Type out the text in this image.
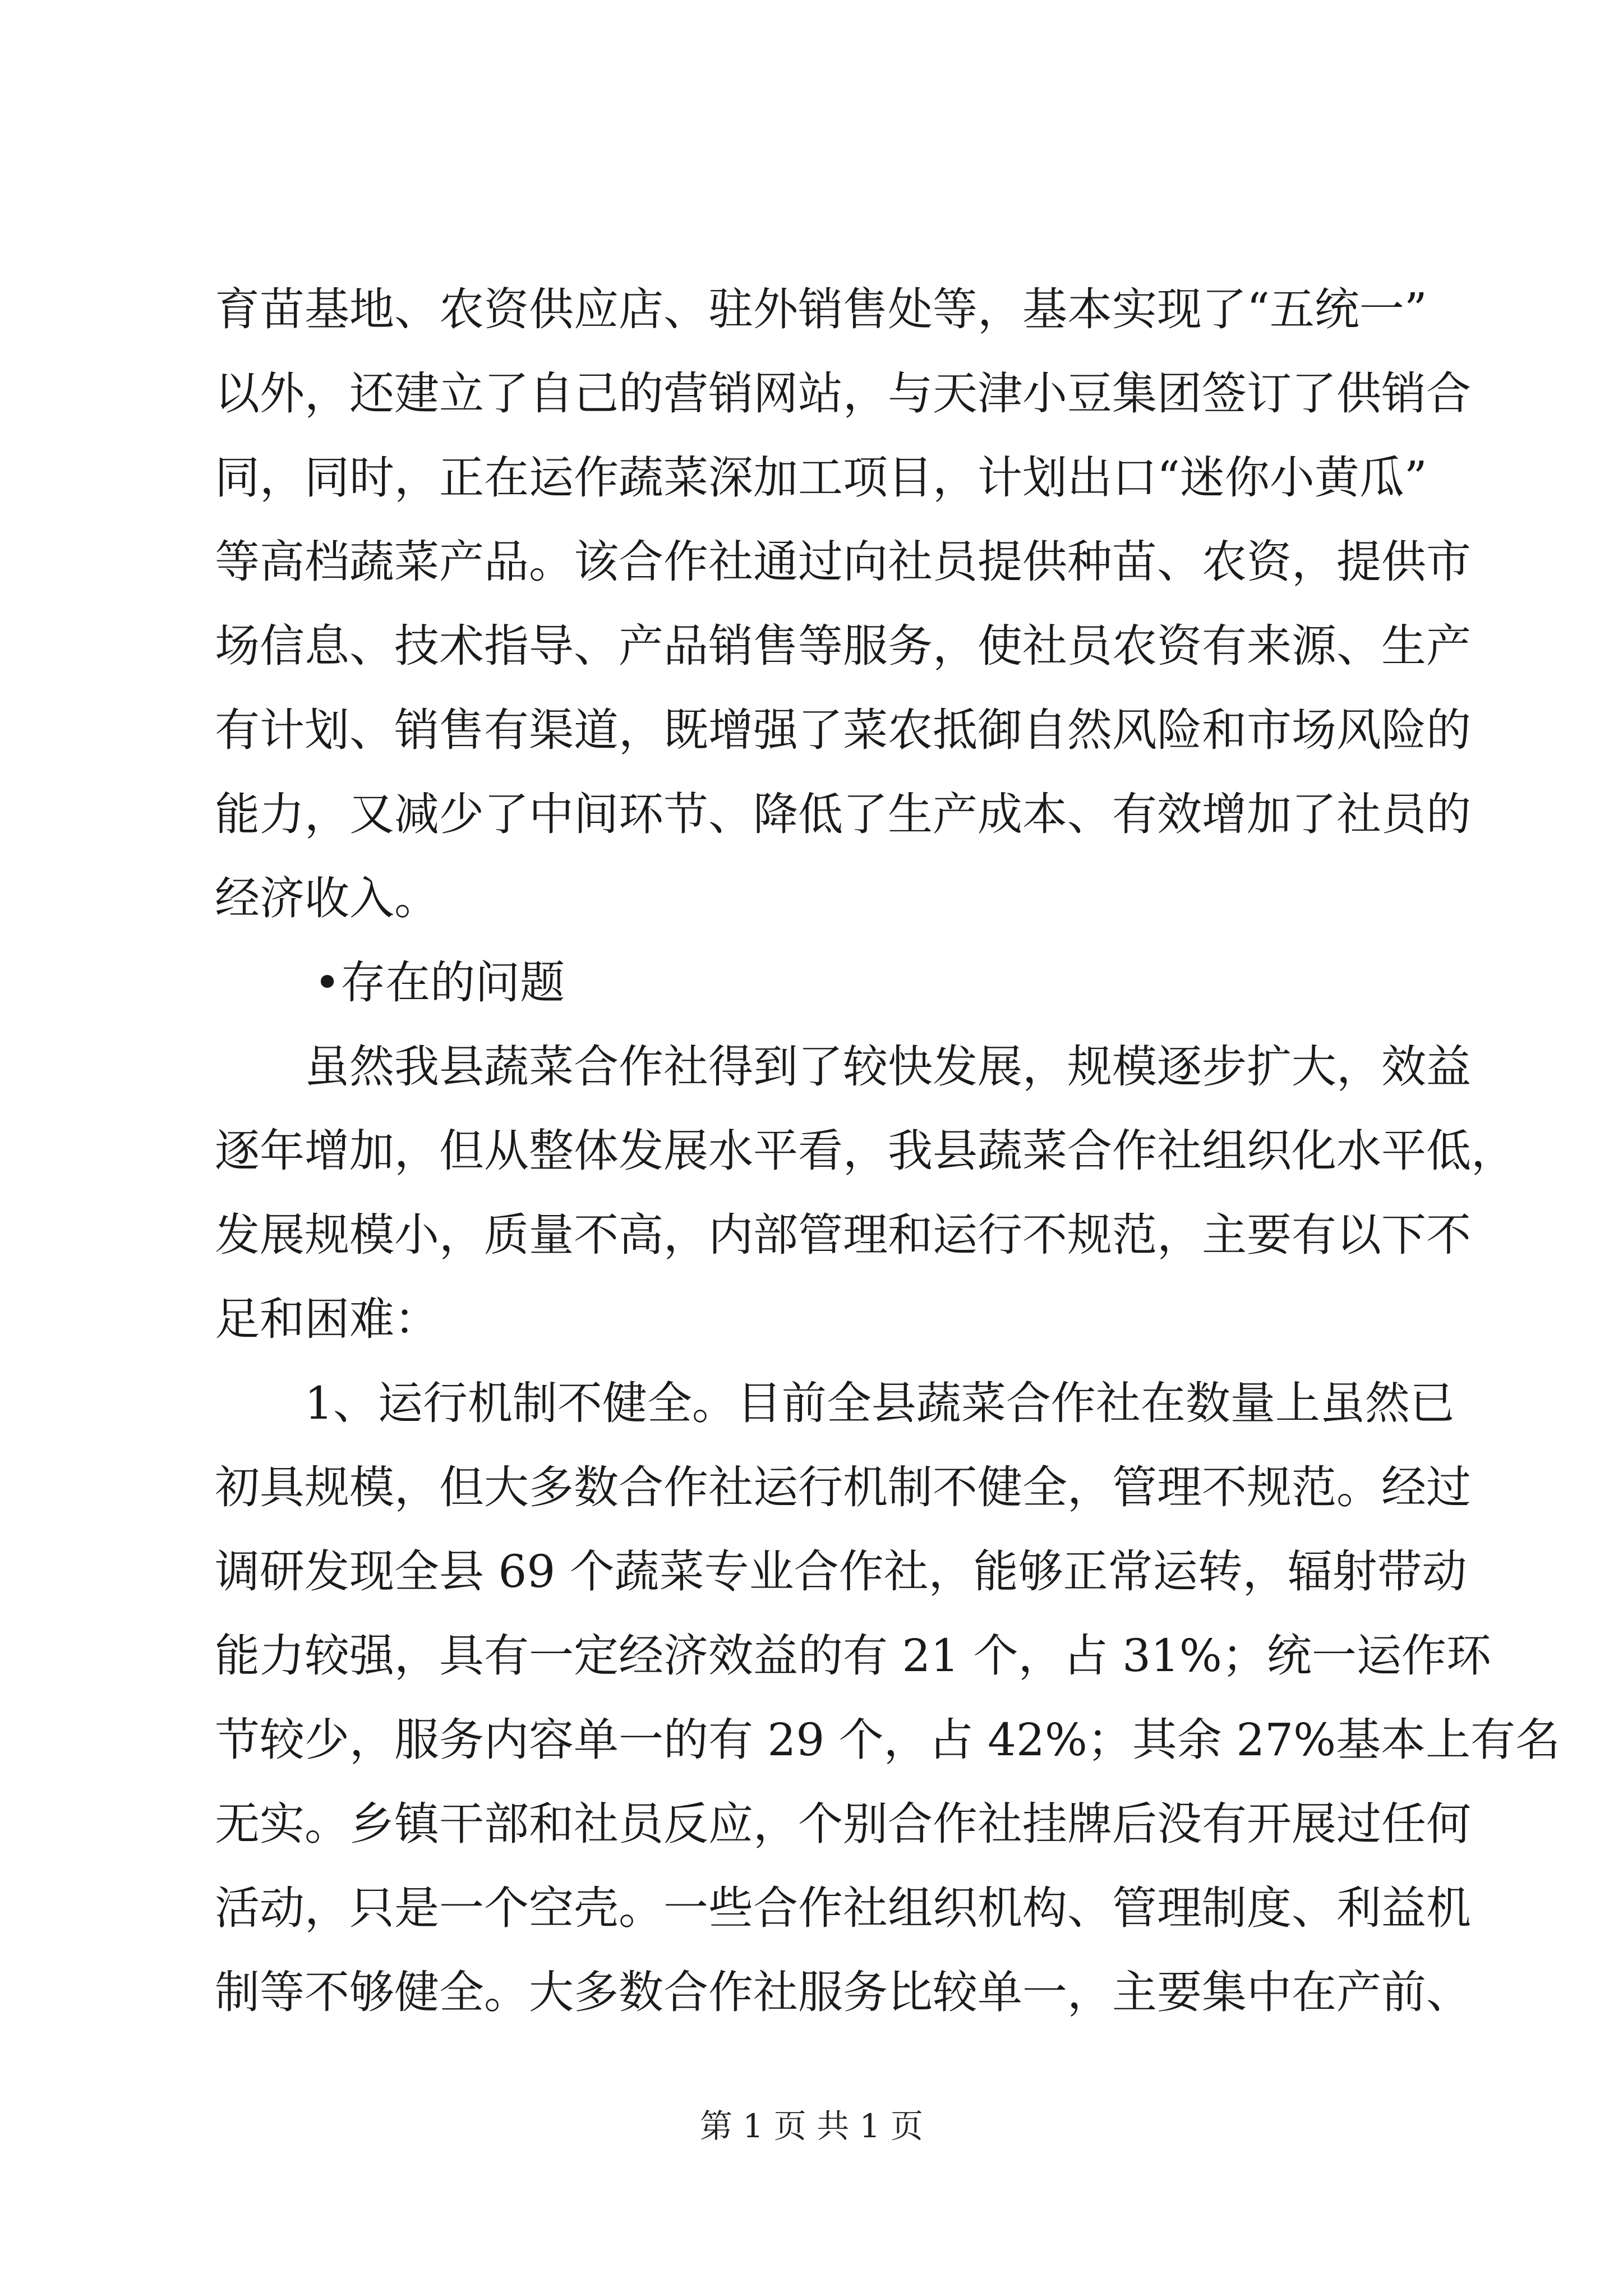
育苗基地、农资供应店、驻外销售处等，基本实现了“五统一”
以外，还建立了自己的营销网站，与天津小豆集团签订了供销合
同，同时，正在运作蔬菜深加工项目，计划出口“迷你小黄瓜”
等高档蔬菜产品。该合作社通过向社员提供种苗、农资，提供市
场信息、技术指导、产品销售等服务，使社员农资有来源、生产
有计划、销售有渠道，既增强了菜农抵御自然风险和市场风险的
能力，又减少了中间环节、降低了生产成本、有效增加了社员的
经济收入。
•存在的问题
虽然我县蔬菜合作社得到了较快发展，规模逐步扩大，效益
逐年增加，但从整体发展水平看，我县蔬菜合作社组织化水平低，
发展规模小，质量不高，内部管理和运行不规范，主要有以下不
足和困难：
1、运行机制不健全。目前全县蔬菜合作社在数量上虽然已
初具规模，但大多数合作社运行机制不健全，管理不规范。经过
调研发现全县 69 个蔬菜专业合作社，能够正常运转，辐射带动
能力较强，具有一定经济效益的有 21 个，占 31%；统一运作环
节较少，服务内容单一的有 29 个，占 42%；其余 27%基本上有名
无实。乡镇干部和社员反应，个别合作社挂牌后没有开展过任何
活动，只是一个空壳。一些合作社组织机构、管理制度、利益机
制等不够健全。大多数合作社服务比较单一，主要集中在产前、
第 1 页 共 1 页
